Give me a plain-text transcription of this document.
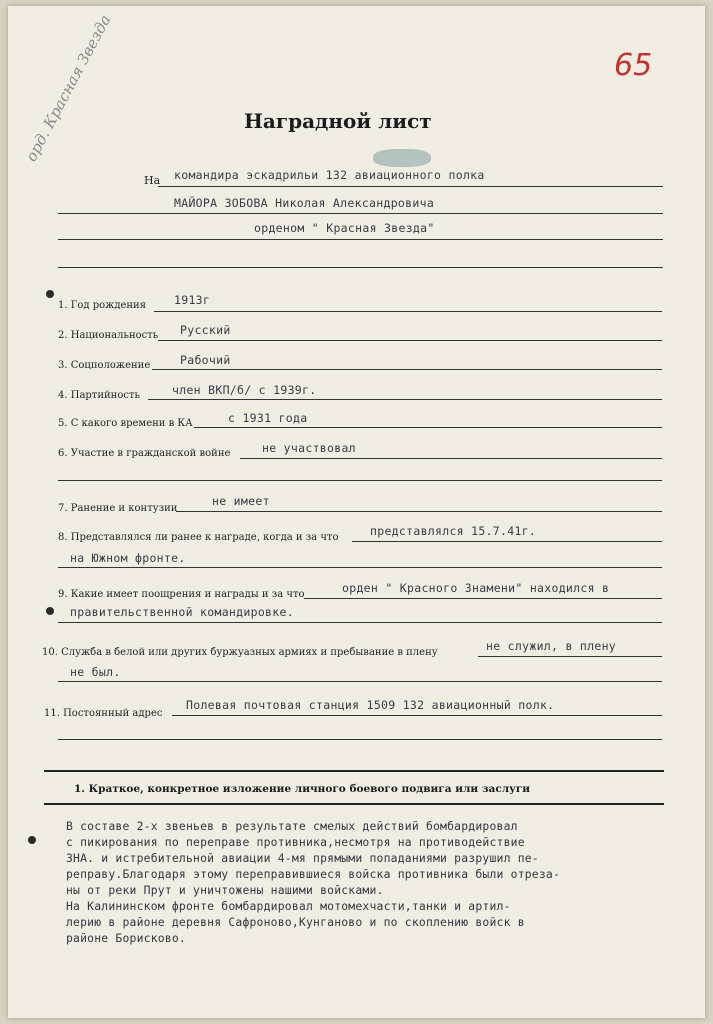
орд. Красная Звезда	65
Наградной лист
На командира эскадрильи 132 авиационного полка
МАЙОРА ЗОБОВА Николая Александровича
орденом " Красная Звезда"
1. Год рождения 1913г
2. Национальность Русский
3. Соцположение	Рабочий
4. Партийность	член ВКП/б/ с 1939г.
5. С какого времени в КА	с 1931 года
6. Участие в гражданской войне	не участвовал
7. Ранение и контузии
не имеет
8. Представлялся ли ранее к награде, когда и за что	представлялся 15.7.41г.
на Южном фронте.
9. Какие имеет поощрения и награды и за что	орден " Красного Знамени" находился в
правительственной командировке.
10. Служба в белой или других буржуазных армиях и пребывание в плену	не служил, в плену
не был.
11. Постоянный адрес
Полевая почтовая станция 1509 132 авиационный полк.
1. Краткое, конкретное изложение личного боевого подвига или заслуги
В составе 2-х звеньев в результате смелых действий бомбардировал
с пикирования по переправе противника,несмотря на противодействие
ЗНА. и истребительной авиации 4-мя прямыми попаданиями разрушил пе-
реправу.Благодаря этому переправившиеся войска противника были отреза-
ны от реки Прут и уничтожены нашими войсками.
На Калининском фронте бомбардировал мотомехчасти,танки и артил-
лерию в районе деревня Сафроново,Кунганово и по скоплению войск в
районе Борисково.
